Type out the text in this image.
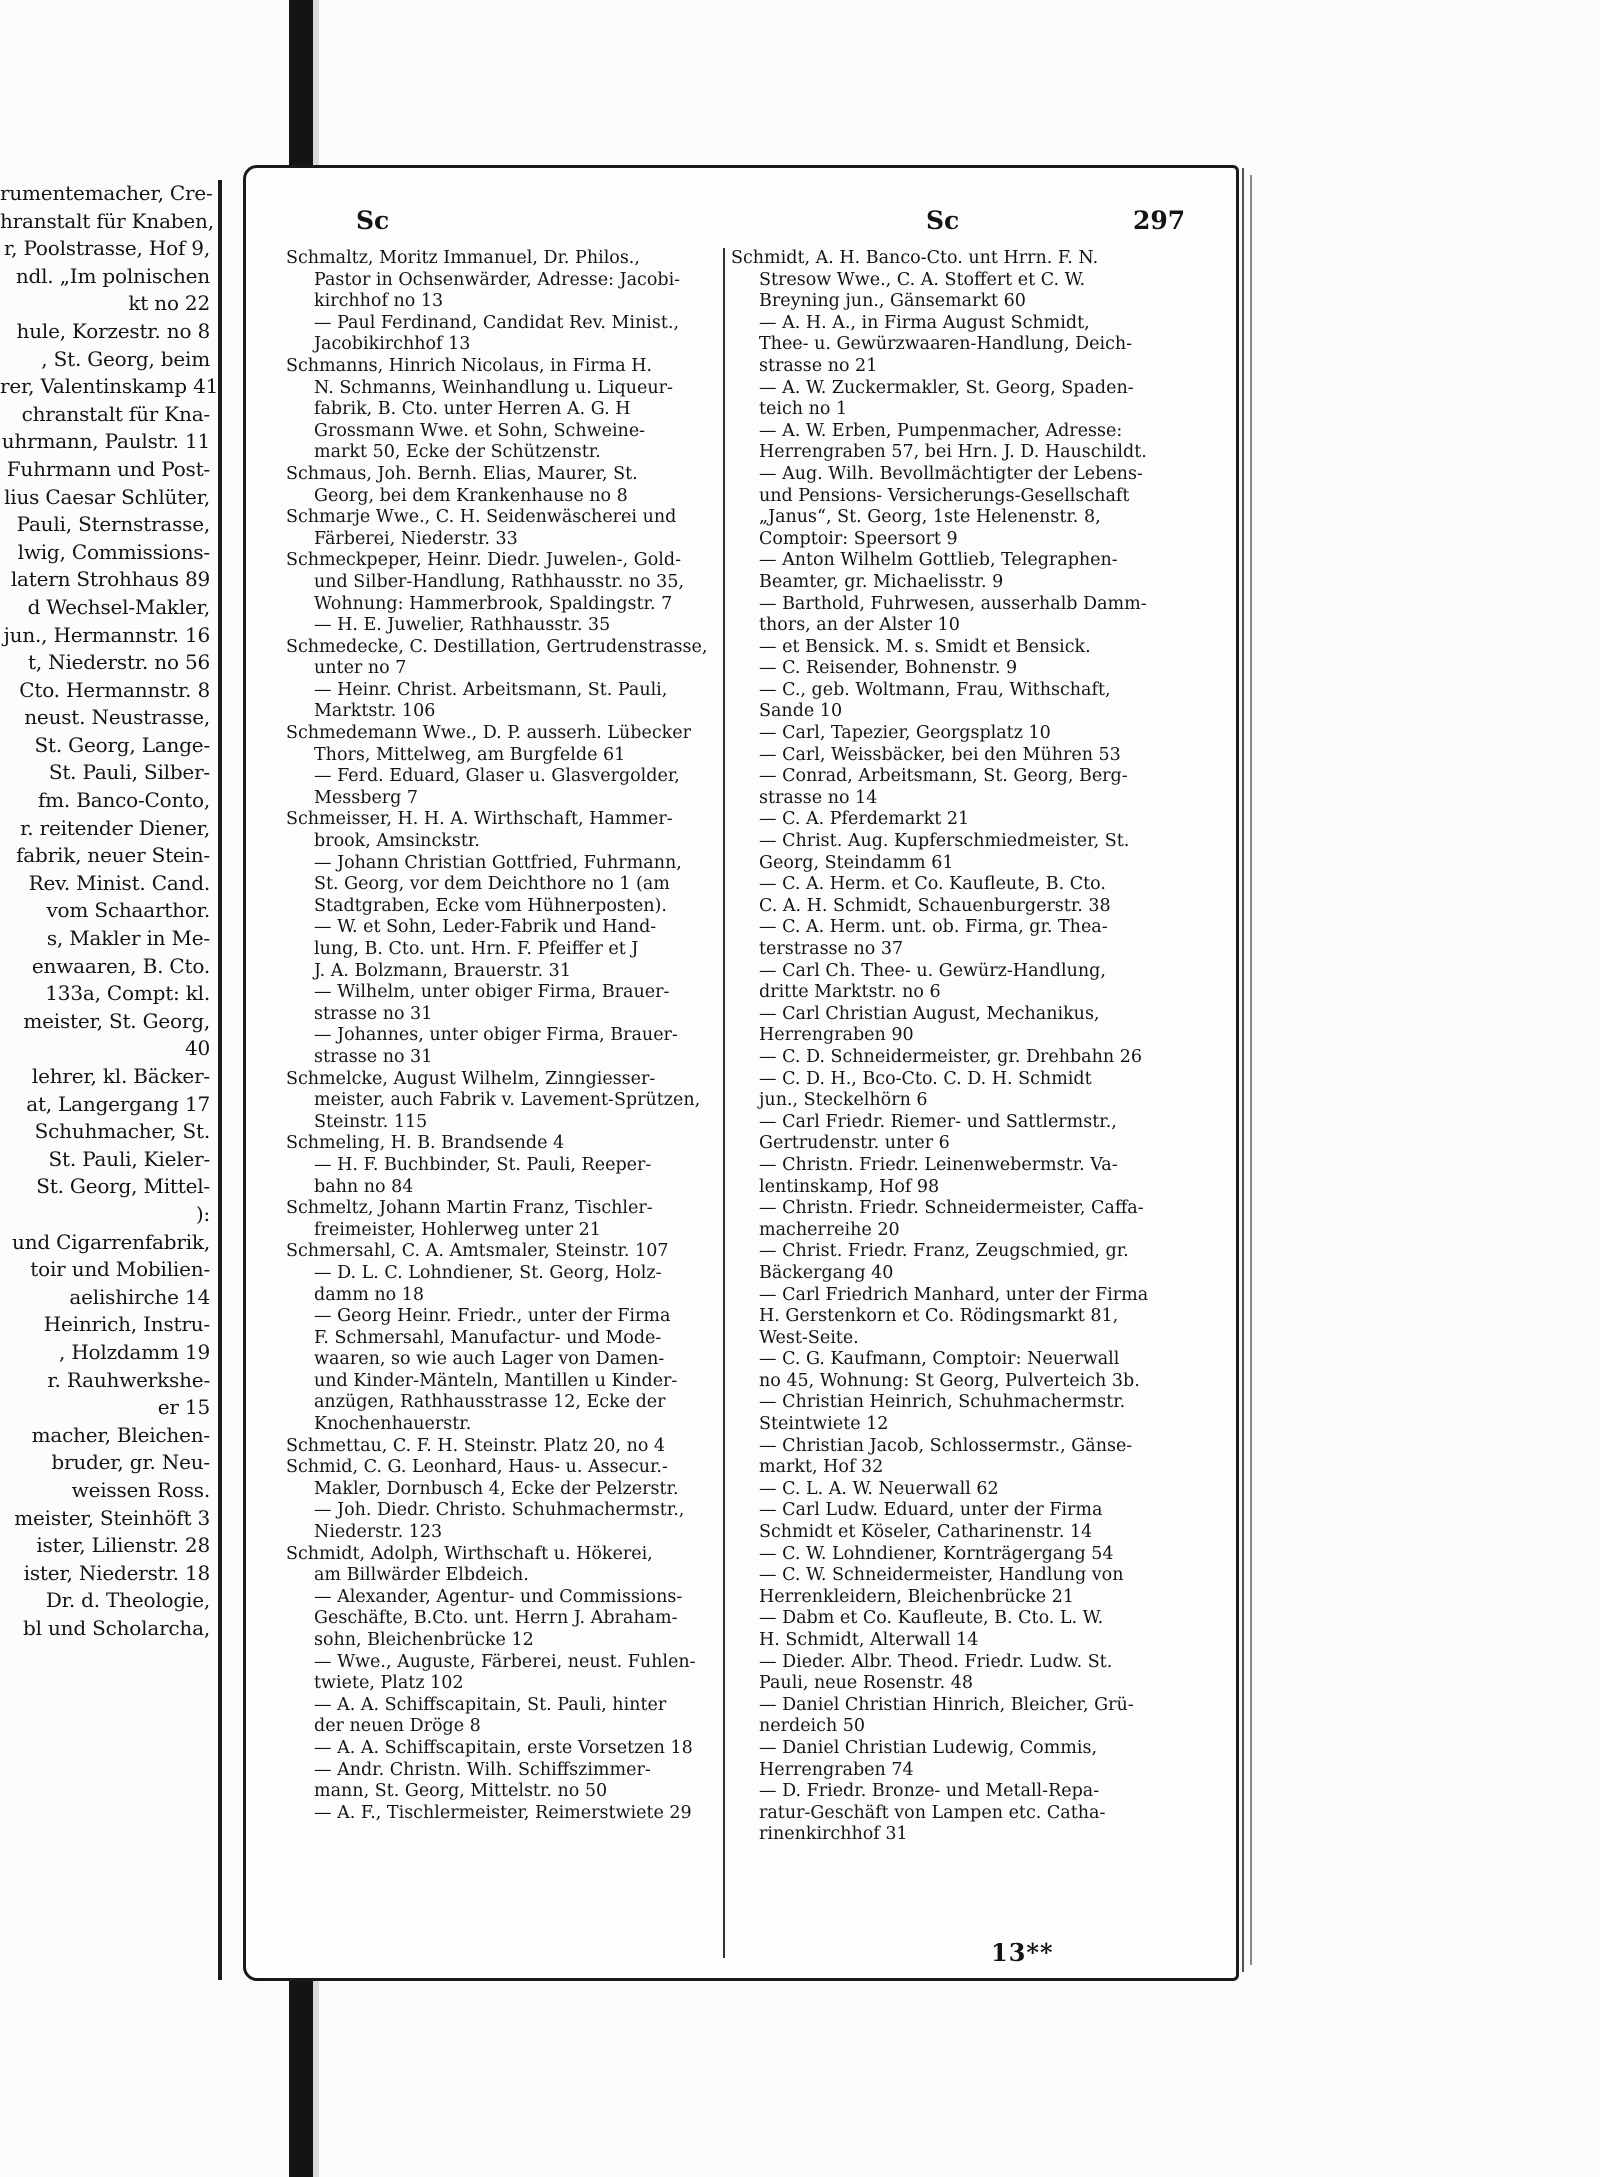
rumentemacher, Cre-
hranstalt für Knaben,
r, Poolstrasse, Hof 9,
ndl. „Im polnischen
kt no 22
hule, Korzestr. no 8
, St. Georg, beim
rer, Valentinskamp 41
chranstalt für Kna-
uhrmann, Paulstr. 11
Fuhrmann und Post-
lius Caesar Schlüter,
Pauli, Sternstrasse,
lwig, Commissions-
latern Strohhaus 89
d Wechsel-Makler,
jun., Hermannstr. 16
t, Niederstr. no 56
Cto. Hermannstr. 8
neust. Neustrasse,
St. Georg, Lange-
St. Pauli, Silber-
fm. Banco-Conto,
r. reitender Diener,
fabrik, neuer Stein-
Rev. Minist. Cand.
vom Schaarthor.
s, Makler in Me-
enwaaren, B. Cto.
133a, Compt: kl.
meister, St. Georg,
40
lehrer, kl. Bäcker-
at, Langergang 17
Schuhmacher, St.
St. Pauli, Kieler-
St. Georg, Mittel-
):
und Cigarrenfabrik,
toir und Mobilien-
aelishirche 14
Heinrich, Instru-
, Holzdamm 19
r. Rauhwerkshe-
er 15
macher, Bleichen-
bruder, gr. Neu-
weissen Ross.
meister, Steinhöft 3
ister, Lilienstr. 28
ister, Niederstr. 18
Dr. d. Theologie,
bl und Scholarcha,
Sc	Sc	297
Schmaltz, Moritz Immanuel, Dr. Philos.,
Pastor in Ochsenwärder, Adresse: Jacobi-
kirchhof no 13
— Paul Ferdinand, Candidat Rev. Minist.,
Jacobikirchhof 13
Schmanns, Hinrich Nicolaus, in Firma H.
N. Schmanns, Weinhandlung u. Liqueur-
fabrik, B. Cto. unter Herren A. G. H
Grossmann Wwe. et Sohn, Schweine-
markt 50, Ecke der Schützenstr.
Schmaus, Joh. Bernh. Elias, Maurer, St.
Georg, bei dem Krankenhause no 8
Schmarje Wwe., C. H. Seidenwäscherei und
Färberei, Niederstr. 33
Schmeckpeper, Heinr. Diedr. Juwelen-, Gold-
und Silber-Handlung, Rathhausstr. no 35,
Wohnung: Hammerbrook, Spaldingstr. 7
— H. E. Juwelier, Rathhausstr. 35
Schmedecke, C. Destillation, Gertrudenstrasse,
unter no 7
— Heinr. Christ. Arbeitsmann, St. Pauli,
Marktstr. 106
Schmedemann Wwe., D. P. ausserh. Lübecker
Thors, Mittelweg, am Burgfelde 61
— Ferd. Eduard, Glaser u. Glasvergolder,
Messberg 7
Schmeisser, H. H. A. Wirthschaft, Hammer-
brook, Amsinckstr.
— Johann Christian Gottfried, Fuhrmann,
St. Georg, vor dem Deichthore no 1 (am
Stadtgraben, Ecke vom Hühnerposten).
— W. et Sohn, Leder-Fabrik und Hand-
lung, B. Cto. unt. Hrn. F. Pfeiffer et J
J. A. Bolzmann, Brauerstr. 31
— Wilhelm, unter obiger Firma, Brauer-
strasse no 31
— Johannes, unter obiger Firma, Brauer-
strasse no 31
Schmelcke, August Wilhelm, Zinngiesser-
meister, auch Fabrik v. Lavement-Sprützen,
Steinstr. 115
Schmeling, H. B. Brandsende 4
— H. F. Buchbinder, St. Pauli, Reeper-
bahn no 84
Schmeltz, Johann Martin Franz, Tischler-
freimeister, Hohlerweg unter 21
Schmersahl, C. A. Amtsmaler, Steinstr. 107
— D. L. C. Lohndiener, St. Georg, Holz-
damm no 18
— Georg Heinr. Friedr., unter der Firma
F. Schmersahl, Manufactur- und Mode-
waaren, so wie auch Lager von Damen-
und Kinder-Mänteln, Mantillen u Kinder-
anzügen, Rathhausstrasse 12, Ecke der
Knochenhauerstr.
Schmettau, C. F. H. Steinstr. Platz 20, no 4
Schmid, C. G. Leonhard, Haus- u. Assecur.-
Makler, Dornbusch 4, Ecke der Pelzerstr.
— Joh. Diedr. Christo. Schuhmachermstr.,
Niederstr. 123
Schmidt, Adolph, Wirthschaft u. Hökerei,
am Billwärder Elbdeich.
— Alexander, Agentur- und Commissions-
Geschäfte, B.Cto. unt. Herrn J. Abraham-
sohn, Bleichenbrücke 12
— Wwe., Auguste, Färberei, neust. Fuhlen-
twiete, Platz 102
— A. A. Schiffscapitain, St. Pauli, hinter
der neuen Dröge 8
— A. A. Schiffscapitain, erste Vorsetzen 18
— Andr. Christn. Wilh. Schiffszimmer-
mann, St. Georg, Mittelstr. no 50
— A. F., Tischlermeister, Reimerstwiete 29
Schmidt, A. H. Banco-Cto. unt Hrrn. F. N.
Stresow Wwe., C. A. Stoffert et C. W.
Breyning jun., Gänsemarkt 60
— A. H. A., in Firma August Schmidt,
Thee- u. Gewürzwaaren-Handlung, Deich-
strasse no 21
— A. W. Zuckermakler, St. Georg, Spaden-
teich no 1
— A. W. Erben, Pumpenmacher, Adresse:
Herrengraben 57, bei Hrn. J. D. Hauschildt.
— Aug. Wilh. Bevollmächtigter der Lebens-
und Pensions- Versicherungs-Gesellschaft
„Janus“, St. Georg, 1ste Helenenstr. 8,
Comptoir: Speersort 9
— Anton Wilhelm Gottlieb, Telegraphen-
Beamter, gr. Michaelisstr. 9
— Barthold, Fuhrwesen, ausserhalb Damm-
thors, an der Alster 10
— et Bensick. M. s. Smidt et Bensick.
— C. Reisender, Bohnenstr. 9
— C., geb. Woltmann, Frau, Withschaft,
Sande 10
— Carl, Tapezier, Georgsplatz 10
— Carl, Weissbäcker, bei den Mühren 53
— Conrad, Arbeitsmann, St. Georg, Berg-
strasse no 14
— C. A. Pferdemarkt 21
— Christ. Aug. Kupferschmiedmeister, St.
Georg, Steindamm 61
— C. A. Herm. et Co. Kaufleute, B. Cto.
C. A. H. Schmidt, Schauenburgerstr. 38
— C. A. Herm. unt. ob. Firma, gr. Thea-
terstrasse no 37
— Carl Ch. Thee- u. Gewürz-Handlung,
dritte Marktstr. no 6
— Carl Christian August, Mechanikus,
Herrengraben 90
— C. D. Schneidermeister, gr. Drehbahn 26
— C. D. H., Bco-Cto. C. D. H. Schmidt
jun., Steckelhörn 6
— Carl Friedr. Riemer- und Sattlermstr.,
Gertrudenstr. unter 6
— Christn. Friedr. Leinenwebermstr. Va-
lentinskamp, Hof 98
— Christn. Friedr. Schneidermeister, Caffa-
macherreihe 20
— Christ. Friedr. Franz, Zeugschmied, gr.
Bäckergang 40
— Carl Friedrich Manhard, unter der Firma
H. Gerstenkorn et Co. Rödingsmarkt 81,
West-Seite.
— C. G. Kaufmann, Comptoir: Neuerwall
no 45, Wohnung: St Georg, Pulverteich 3b.
— Christian Heinrich, Schuhmachermstr.
Steintwiete 12
— Christian Jacob, Schlossermstr., Gänse-
markt, Hof 32
— C. L. A. W. Neuerwall 62
— Carl Ludw. Eduard, unter der Firma
Schmidt et Köseler, Catharinenstr. 14
— C. W. Lohndiener, Kornträgergang 54
— C. W. Schneidermeister, Handlung von
Herrenkleidern, Bleichenbrücke 21
— Dabm et Co. Kaufleute, B. Cto. L. W.
H. Schmidt, Alterwall 14
— Dieder. Albr. Theod. Friedr. Ludw. St.
Pauli, neue Rosenstr. 48
— Daniel Christian Hinrich, Bleicher, Grü-
nerdeich 50
— Daniel Christian Ludewig, Commis,
Herrengraben 74
— D. Friedr. Bronze- und Metall-Repa-
ratur-Geschäft von Lampen etc. Catha-
rinenkirchhof 31
13**
